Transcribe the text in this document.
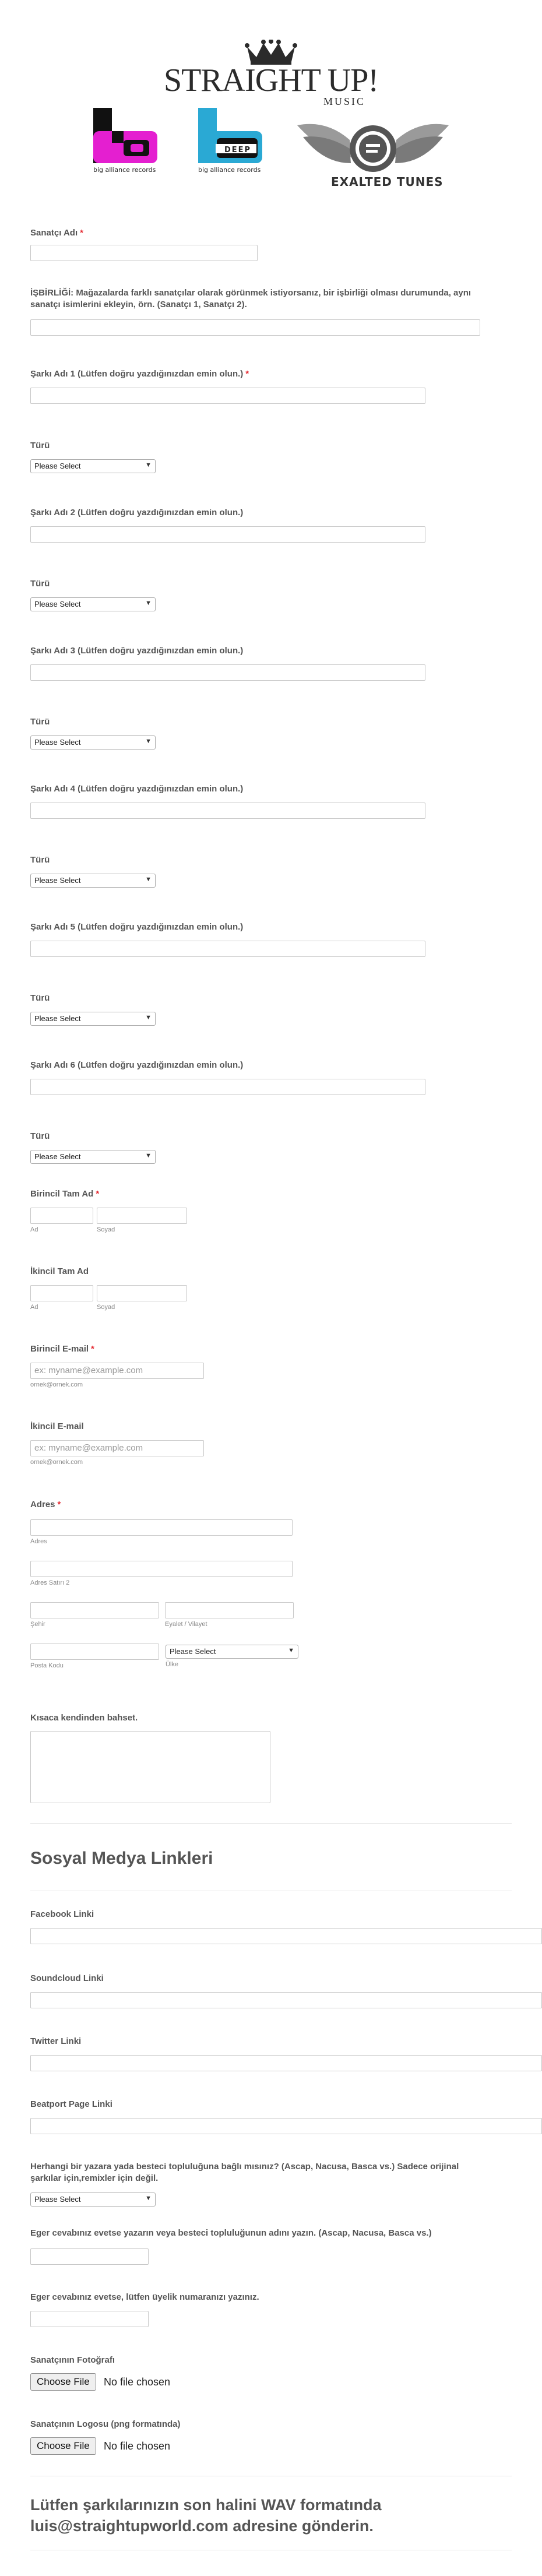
STRAIGHT UP!
MUSIC
big alliance records
DEEP
big alliance records
EXALTED TUNES
Sanatçı Adı *
İŞBİRLİĞİ: Mağazalarda farklı sanatçılar olarak görünmek istiyorsanız, bir işbirliği olması durumunda, aynı sanatçı isimlerini ekleyin, örn. (Sanatçı 1, Sanatçı 2).
Şarkı Adı 1 (Lütfen doğru yazdığınızdan emin olun.) *
Türü
Please Select	▼
Şarkı Adı 2 (Lütfen doğru yazdığınızdan emin olun.)
Türü
Please Select	▼
Şarkı Adı 3 (Lütfen doğru yazdığınızdan emin olun.)
Türü
Please Select	▼
Şarkı Adı 4 (Lütfen doğru yazdığınızdan emin olun.)
Türü
Please Select	▼
Şarkı Adı 5 (Lütfen doğru yazdığınızdan emin olun.)
Türü
Please Select	▼
Şarkı Adı 6 (Lütfen doğru yazdığınızdan emin olun.)
Türü
Please Select	▼
Birincil Tam Ad *
Ad	Soyad
İkincil Tam Ad
Ad	Soyad
Birincil E-mail *
ex: myname@example.com
ornek@ornek.com
İkincil E-mail
ex: myname@example.com
ornek@ornek.com
Adres *
Adres
Adres Satırı 2
Şehir	Eyalet / Vilayet
Please Select	▼
Posta Kodu	Ülke
Kısaca kendinden bahset.
Sosyal Medya Linkleri
Facebook Linki
Soundcloud Linki
Twitter Linki
Beatport Page Linki
Herhangi bir yazara yada besteci topluluğuna bağlı mısınız? (Ascap, Nacusa, Basca vs.) Sadece orijinal şarkılar için,remixler için değil.
Please Select	▼
Eger cevabınız evetse yazarın veya besteci topluluğunun adını yazın. (Ascap, Nacusa, Basca vs.)
Eger cevabınız evetse, lütfen üyelik numaranızı yazınız.
Sanatçının Fotoğrafı
Choose File	No file chosen
Sanatçının Logosu (png formatında)
Choose File	No file chosen
Lütfen şarkılarınızın son halini WAV formatında
luis@straightupworld.com adresine gönderin.
